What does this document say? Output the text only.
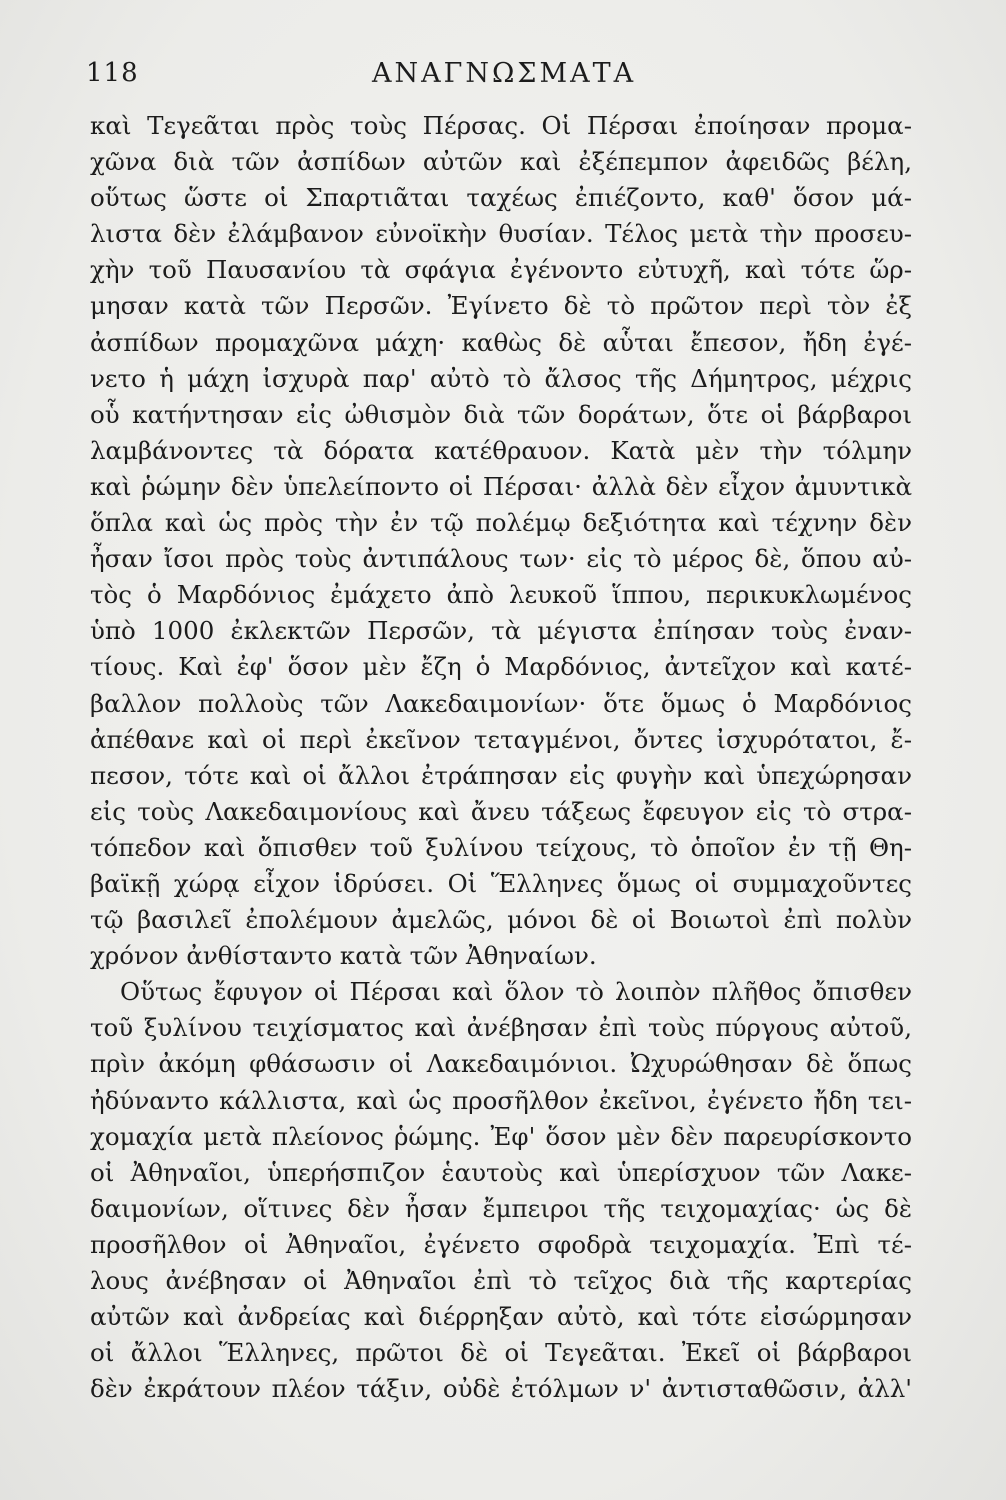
118	ΑΝΑΓΝΩΣΜΑΤΑ
καὶ Τεγεᾶται πρὸς τοὺς Πέρσας. Οἱ Πέρσαι ἐποίησαν προμα-
χῶνα διὰ τῶν ἀσπίδων αὐτῶν καὶ ἐξέπεμπον ἀφειδῶς βέλη,
οὕτως ὥστε οἱ Σπαρτιᾶται ταχέως ἐπιέζοντο, καθ' ὅσον μά-
λιστα δὲν ἐλάμβανον εὐνοϊκὴν θυσίαν. Τέλος μετὰ τὴν προσευ-
χὴν τοῦ Παυσανίου τὰ σφάγια ἐγένοντο εὐτυχῆ, καὶ τότε ὥρ-
μησαν κατὰ τῶν Περσῶν. Ἐγίνετο δὲ τὸ πρῶτον περὶ τὸν ἐξ
ἀσπίδων προμαχῶνα μάχη· καθὼς δὲ αὗται ἔπεσον, ἤδη ἐγέ-
νετο ἡ μάχη ἰσχυρὰ παρ' αὐτὸ τὸ ἄλσος τῆς Δήμητρος, μέχρις
οὗ κατήντησαν εἰς ὠθισμὸν διὰ τῶν δοράτων, ὅτε οἱ βάρβαροι
λαμβάνοντες τὰ δόρατα κατέθραυον. Κατὰ μὲν τὴν τόλμην
καὶ ῥώμην δὲν ὑπελείποντο οἱ Πέρσαι· ἀλλὰ δὲν εἶχον ἀμυντικὰ
ὅπλα καὶ ὡς πρὸς τὴν ἐν τῷ πολέμῳ δεξιότητα καὶ τέχνην δὲν
ἦσαν ἴσοι πρὸς τοὺς ἀντιπάλους των· εἰς τὸ μέρος δὲ, ὅπου αὐ-
τὸς ὁ Μαρδόνιος ἐμάχετο ἀπὸ λευκοῦ ἵππου, περικυκλωμένος
ὑπὸ 1000 ἐκλεκτῶν Περσῶν, τὰ μέγιστα ἐπίησαν τοὺς ἐναν-
τίους. Καὶ ἐφ' ὅσον μὲν ἔζη ὁ Μαρδόνιος, ἀντεῖχον καὶ κατέ-
βαλλον πολλοὺς τῶν Λακεδαιμονίων· ὅτε ὅμως ὁ Μαρδόνιος
ἀπέθανε καὶ οἱ περὶ ἐκεῖνον τεταγμένοι, ὄντες ἰσχυρότατοι, ἔ-
πεσον, τότε καὶ οἱ ἄλλοι ἐτράπησαν εἰς φυγὴν καὶ ὑπεχώρησαν
εἰς τοὺς Λακεδαιμονίους καὶ ἄνευ τάξεως ἔφευγον εἰς τὸ στρα-
τόπεδον καὶ ὄπισθεν τοῦ ξυλίνου τείχους, τὸ ὁποῖον ἐν τῇ Θη-
βαϊκῇ χώρᾳ εἶχον ἱδρύσει. Οἱ Ἕλληνες ὅμως οἱ συμμαχοῦντες
τῷ βασιλεῖ ἐπολέμουν ἀμελῶς, μόνοι δὲ οἱ Βοιωτοὶ ἐπὶ πολὺν
χρόνον ἀνθίσταντο κατὰ τῶν Ἀθηναίων.
Οὕτως ἔφυγον οἱ Πέρσαι καὶ ὅλον τὸ λοιπὸν πλῆθος ὄπισθεν
τοῦ ξυλίνου τειχίσματος καὶ ἀνέβησαν ἐπὶ τοὺς πύργους αὐτοῦ,
πρὶν ἀκόμη φθάσωσιν οἱ Λακεδαιμόνιοι. Ὠχυρώθησαν δὲ ὅπως
ἠδύναντο κάλλιστα, καὶ ὡς προσῆλθον ἐκεῖνοι, ἐγένετο ἤδη τει-
χομαχία μετὰ πλείονος ῥώμης. Ἐφ' ὅσον μὲν δὲν παρευρίσκοντο
οἱ Ἀθηναῖοι, ὑπερήσπιζον ἑαυτοὺς καὶ ὑπερίσχυον τῶν Λακε-
δαιμονίων, οἵτινες δὲν ἦσαν ἔμπειροι τῆς τειχομαχίας· ὡς δὲ
προσῆλθον οἱ Ἀθηναῖοι, ἐγένετο σφοδρὰ τειχομαχία. Ἐπὶ τέ-
λους ἀνέβησαν οἱ Ἀθηναῖοι ἐπὶ τὸ τεῖχος διὰ τῆς καρτερίας
αὐτῶν καὶ ἀνδρείας καὶ διέρρηξαν αὐτὸ, καὶ τότε εἰσώρμησαν
οἱ ἄλλοι Ἕλληνες, πρῶτοι δὲ οἱ Τεγεᾶται. Ἐκεῖ οἱ βάρβαροι
δὲν ἐκράτουν πλέον τάξιν, οὐδὲ ἐτόλμων ν' ἀντισταθῶσιν, ἀλλ'
